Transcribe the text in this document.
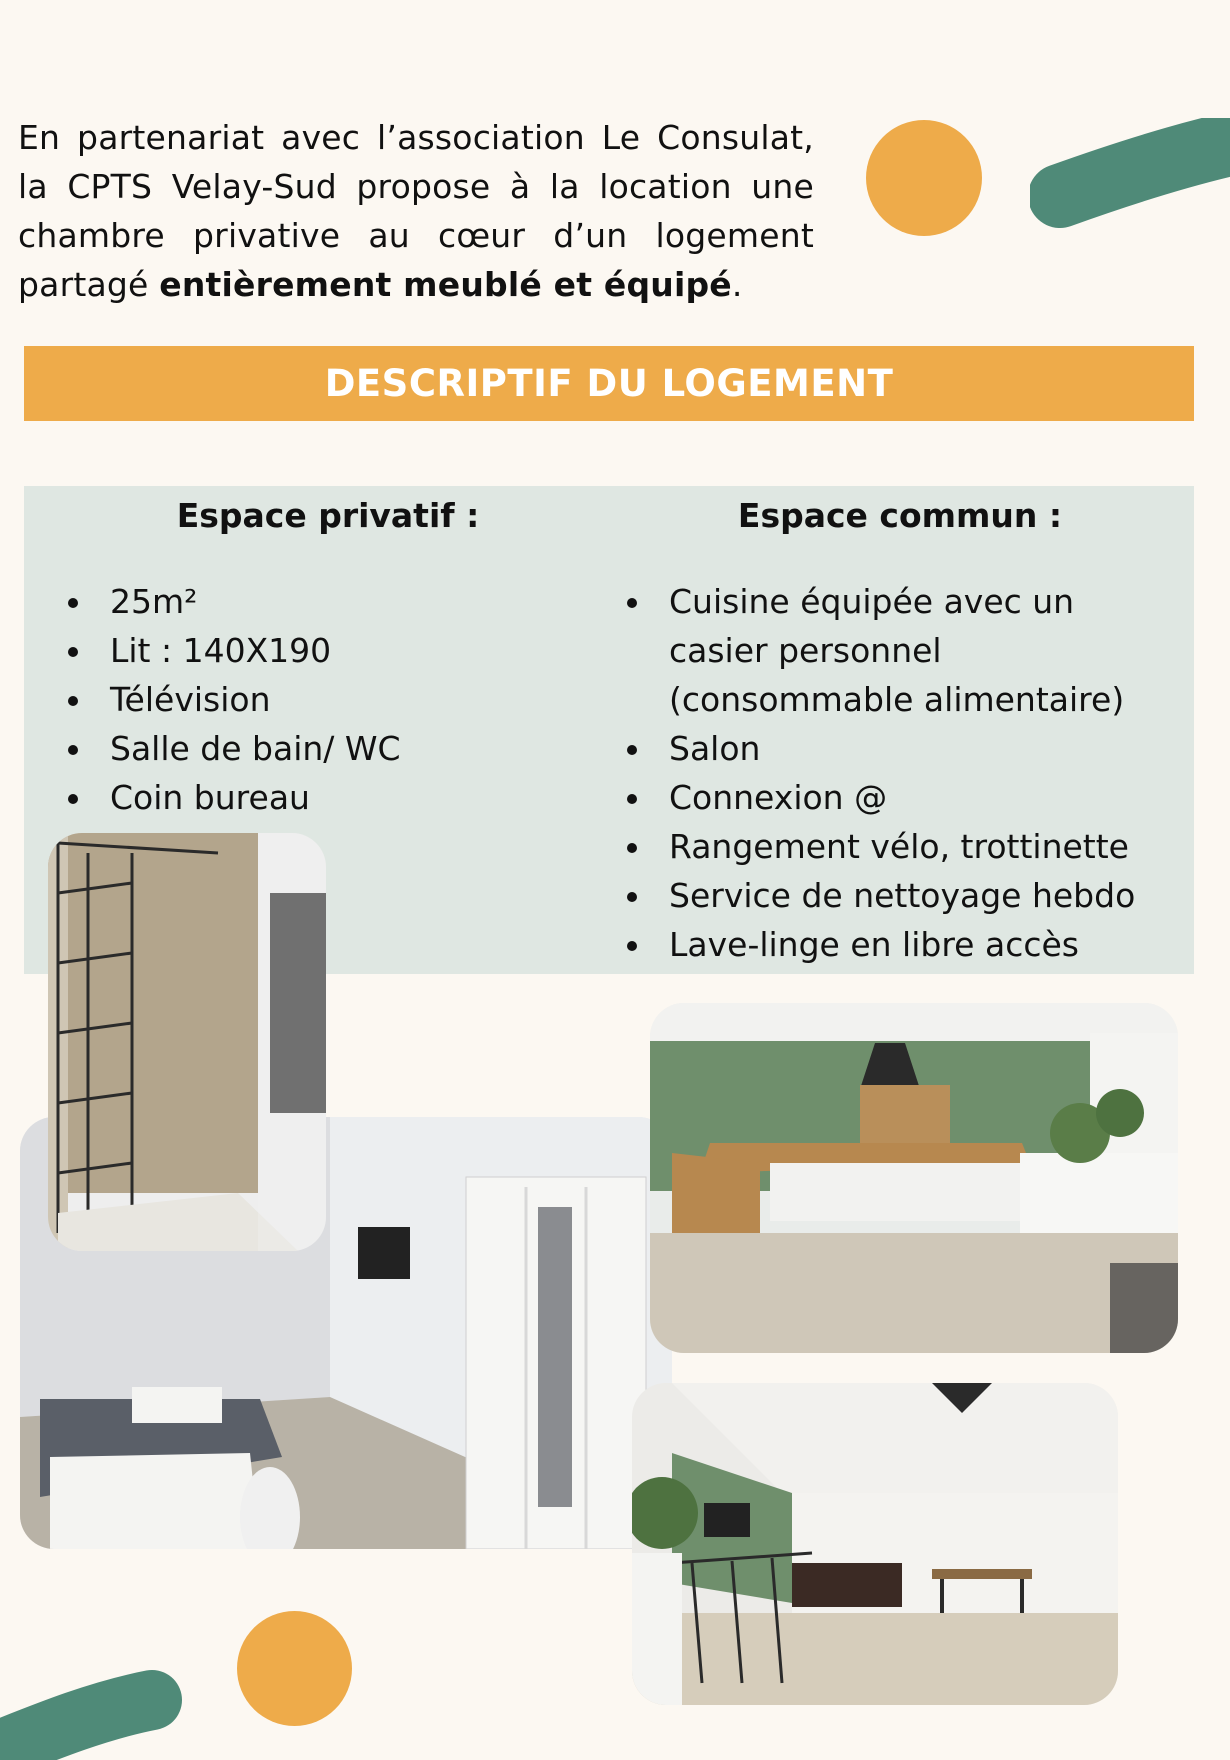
En partenariat avec l’association Le Consulat, la CPTS Velay-Sud propose à la location une chambre privative au cœur d’un logement partagé entièrement meublé et équipé.

DESCRIPTIF DU LOGEMENT
Espace privatif :
25m²
Lit : 140X190
Télévision
Salle de bain/ WC
Coin bureau
Espace commun :
Cuisine équipée avec un casier personnel (consommable alimentaire)
Salon
Connexion @
Rangement vélo, trottinette
Service de nettoyage hebdo
Lave-linge en libre accès
